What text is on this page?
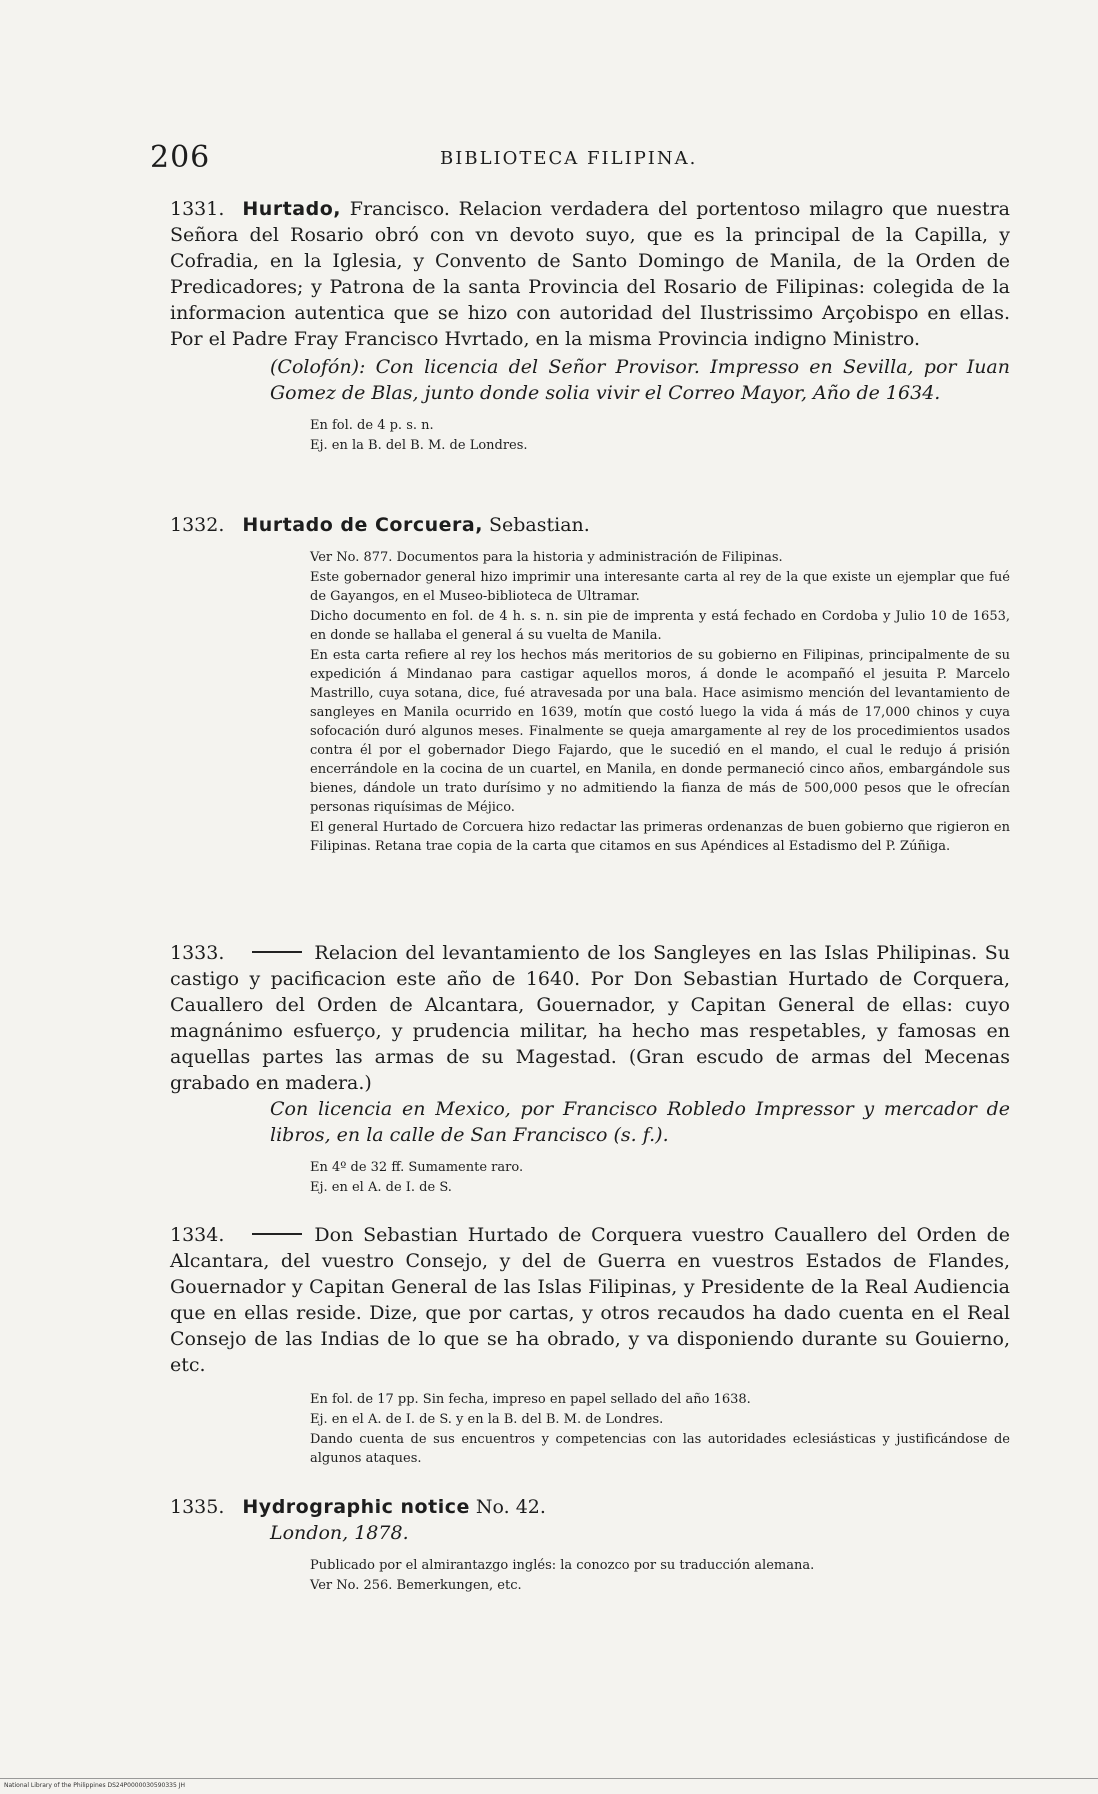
206	BIBLIOTECA FILIPINA.

1331. Hurtado, Francisco. Relacion verdadera del portentoso milagro que nuestra Señora del Rosario obró con vn devoto suyo, que es la principal de la Capilla, y Cofradia, en la Iglesia, y Convento de Santo Domingo de Manila, de la Orden de Predicadores; y Patrona de la santa Provincia del Rosario de Filipinas: colegida de la informacion autentica que se hizo con autoridad del Ilustrissimo Arçobispo en ellas. Por el Padre Fray Francisco Hvrtado, en la misma Provincia indigno Ministro.

(Colofón): Con licencia del Señor Provisor. Impresso en Sevilla, por Iuan Gomez de Blas, junto donde solia vivir el Correo Mayor, Año de 1634.

En fol. de 4 p. s. n.

Ej. en la B. del B. M. de Londres.

1332. Hurtado de Corcuera, Sebastian.

Ver No. 877. Documentos para la historia y administración de Filipinas.

Este gobernador general hizo imprimir una interesante carta al rey de la que existe un ejemplar que fué de Gayangos, en el Museo-biblioteca de Ultramar.

Dicho documento en fol. de 4 h. s. n. sin pie de imprenta y está fechado en Cordoba y Julio 10 de 1653, en donde se hallaba el general á su vuelta de Manila.

En esta carta refiere al rey los hechos más meritorios de su gobierno en Filipinas, principalmente de su expedición á Mindanao para castigar aquellos moros, á donde le acompañó el jesuita P. Marcelo Mastrillo, cuya sotana, dice, fué atravesada por una bala. Hace asimismo mención del levantamiento de sangleyes en Manila ocurrido en 1639, motín que costó luego la vida á más de 17,000 chinos y cuya sofocación duró algunos meses. Finalmente se queja amargamente al rey de los procedimientos usados contra él por el gobernador Diego Fajardo, que le sucedió en el mando, el cual le redujo á prisión encerrándole en la cocina de un cuartel, en Manila, en donde permaneció cinco años, embargándole sus bienes, dándole un trato durísimo y no admitiendo la fianza de más de 500,000 pesos que le ofrecían personas riquísimas de Méjico.

El general Hurtado de Corcuera hizo redactar las primeras ordenanzas de buen gobierno que rigieron en Filipinas. Retana trae copia de la carta que citamos en sus Apéndices al Estadismo del P. Zúñiga.

1333.	Relacion del levantamiento de los Sangleyes en las Islas Philipinas. Su castigo y pacificacion este año de 1640. Por Don Sebastian Hurtado de Corquera, Cauallero del Orden de Alcantara, Gouernador, y Capitan General de ellas: cuyo magnánimo esfuerço, y prudencia militar, ha hecho mas respetables, y famosas en aquellas partes las armas de su Magestad. (Gran escudo de armas del Mecenas grabado en madera.)

Con licencia en Mexico, por Francisco Robledo Impressor y mercador de libros, en la calle de San Francisco (s. f.).

En 4º de 32 ff. Sumamente raro.

Ej. en el A. de I. de S.

1334.	Don Sebastian Hurtado de Corquera vuestro Cauallero del Orden de Alcantara, del vuestro Consejo, y del de Guerra en vuestros Estados de Flandes, Gouernador y Capitan General de las Islas Filipinas, y Presidente de la Real Audiencia que en ellas reside. Dize, que por cartas, y otros recaudos ha dado cuenta en el Real Consejo de las Indias de lo que se ha obrado, y va disponiendo durante su Gouierno, etc.

En fol. de 17 pp. Sin fecha, impreso en papel sellado del año 1638.

Ej. en el A. de I. de S. y en la B. del B. M. de Londres.

Dando cuenta de sus encuentros y competencias con las autoridades eclesiásticas y justificándose de algunos ataques.

1335. Hydrographic notice No. 42.

London, 1878.

Publicado por el almirantazgo inglés: la conozco por su traducción alemana.

Ver No. 256. Bemerkungen, etc.

National Library of the Philippines DS24P0000030590335 JH
